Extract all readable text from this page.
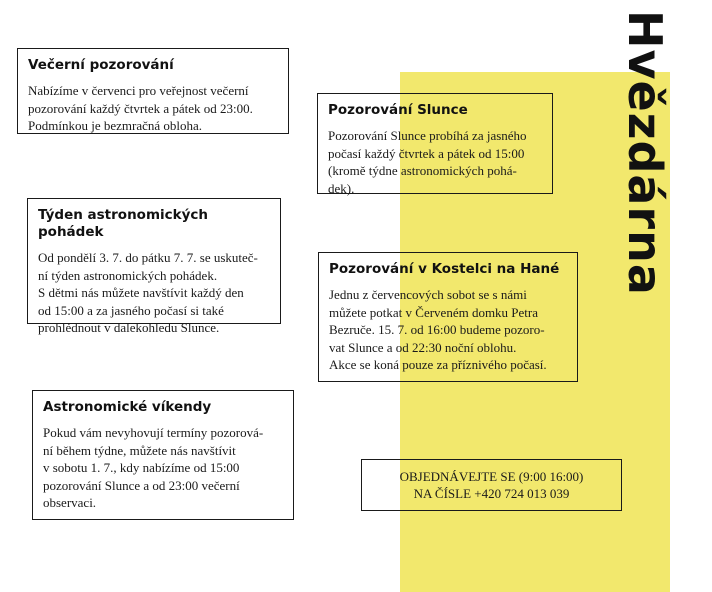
Hvězdárna
Večerní pozorování

Nabízíme v červenci pro veřejnost večerní
pozorování každý čtvrtek a pátek od 23:00.
Podmínkou je bezmračná obloha.

Týden astronomických pohádek

Od pondělí 3. 7. do pátku 7. 7. se uskuteč-
ní týden astronomických pohádek.
S dětmi nás můžete navštívit každý den
od 15:00 a za jasného počasí si také
prohlédnout v dalekohledu Slunce.

Astronomické víkendy

Pokud vám nevyhovují termíny pozorová-
ní během týdne, můžete nás navštívit
v sobotu 1. 7., kdy nabízíme od 15:00
pozorování Slunce a od 23:00 večerní
observaci.

Pozorování Slunce

Pozorování Slunce probíhá za jasného
počasí každý čtvrtek a pátek od 15:00
(kromě týdne astronomických pohá-
dek).

Pozorování v Kostelci na Hané

Jednu z červencových sobot se s námi
můžete potkat v Červeném domku Petra
Bezruče. 15. 7. od 16:00 budeme pozoro-
vat Slunce a od 22:30 noční oblohu.
Akce se koná pouze za příznivého počasí.

OBJEDNÁVEJTE SE (9:00 16:00)
NA ČÍSLE +420 724 013 039
